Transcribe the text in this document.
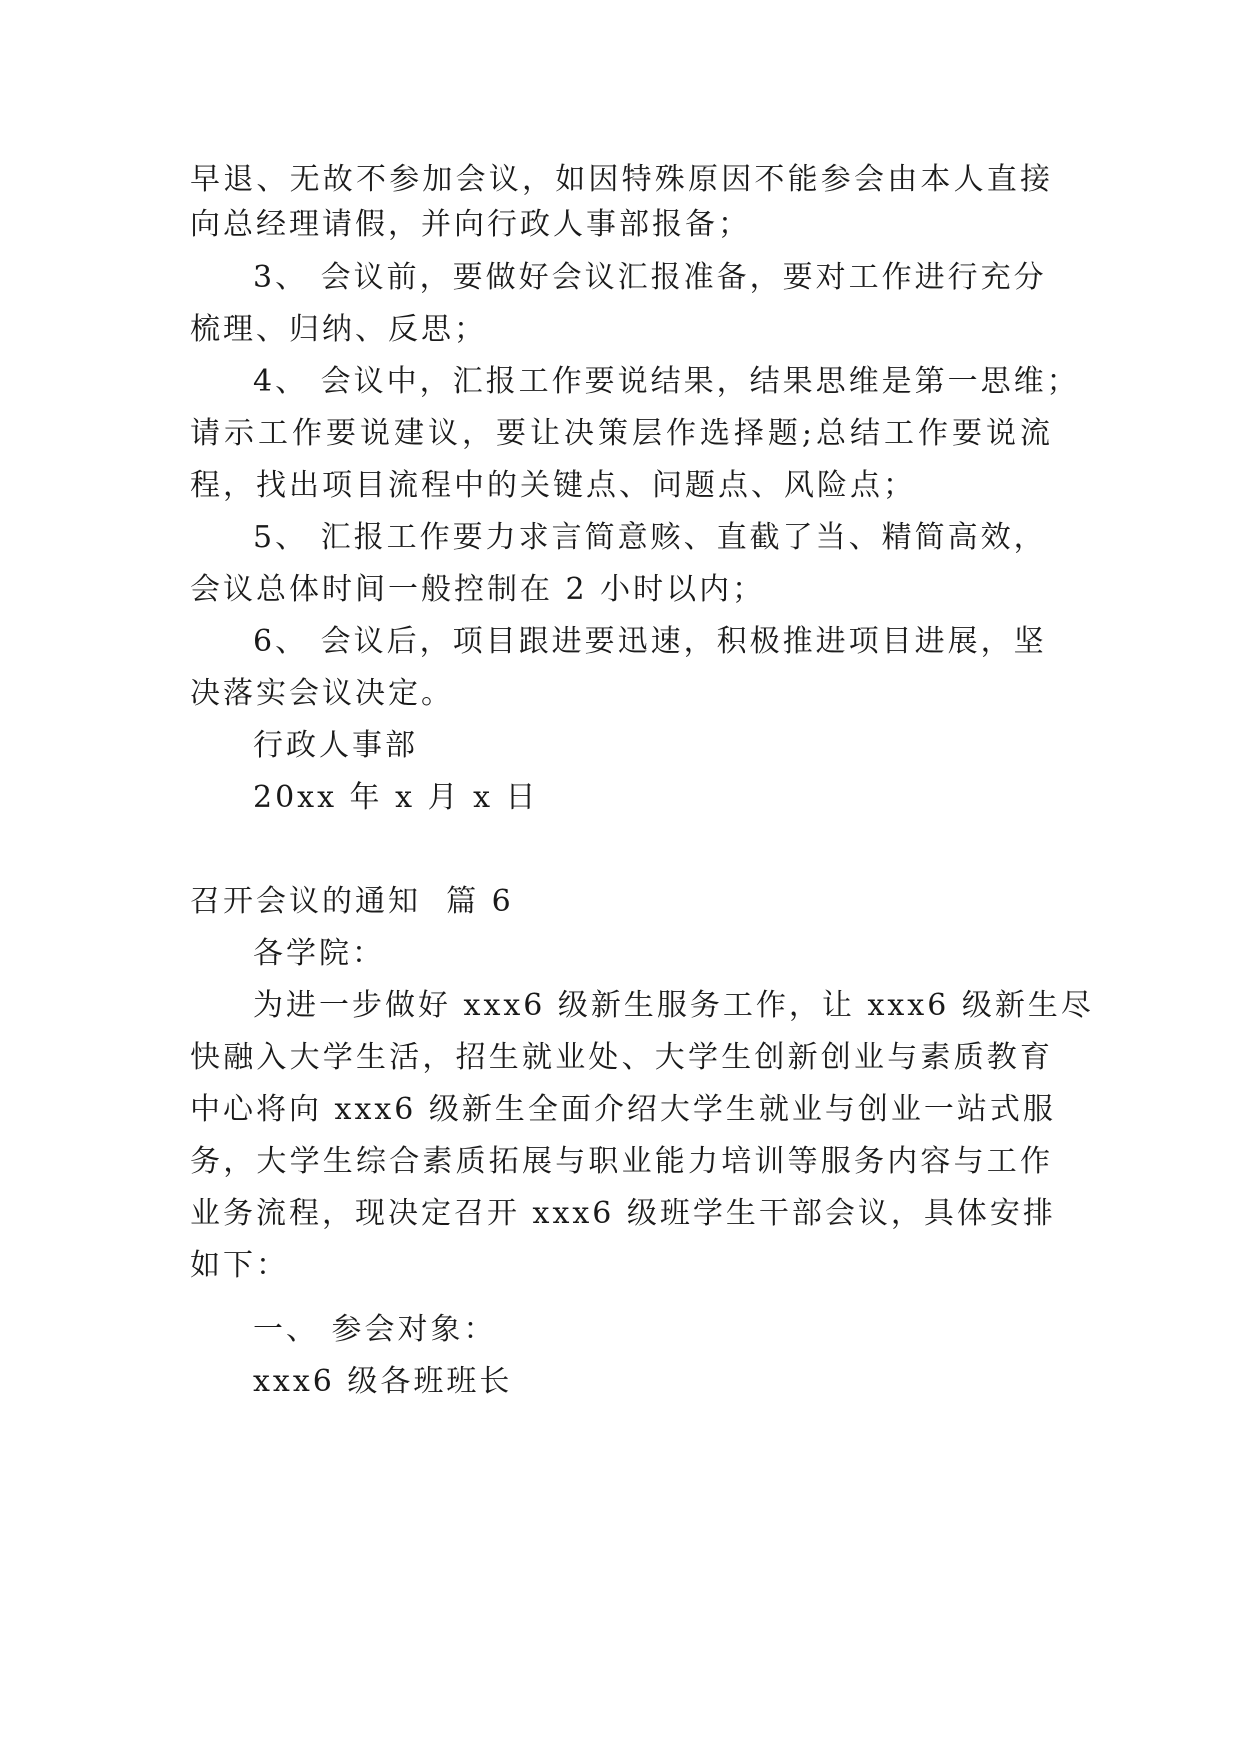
早退、无故不参加会议，如因特殊原因不能参会由本人直接
向总经理请假，并向行政人事部报备；
3、 会议前，要做好会议汇报准备，要对工作进行充分
梳理、归纳、反思；
4、 会议中，汇报工作要说结果，结果思维是第一思维；
请示工作要说建议，要让决策层作选择题;总结工作要说流
程，找出项目流程中的关键点、问题点、风险点；
5、 汇报工作要力求言简意赅、直截了当、精简高效，
会议总体时间一般控制在 2 小时以内；
6、 会议后，项目跟进要迅速，积极推进项目进展，坚
决落实会议决定。
行政人事部
20xx 年 x 月 x 日
召开会议的通知  篇 6
各学院：
为进一步做好 xxx6 级新生服务工作，让 xxx6 级新生尽
快融入大学生活，招生就业处、大学生创新创业与素质教育
中心将向 xxx6 级新生全面介绍大学生就业与创业一站式服
务，大学生综合素质拓展与职业能力培训等服务内容与工作
业务流程，现决定召开 xxx6 级班学生干部会议，具体安排
如下：
一、 参会对象：
xxx6 级各班班长
